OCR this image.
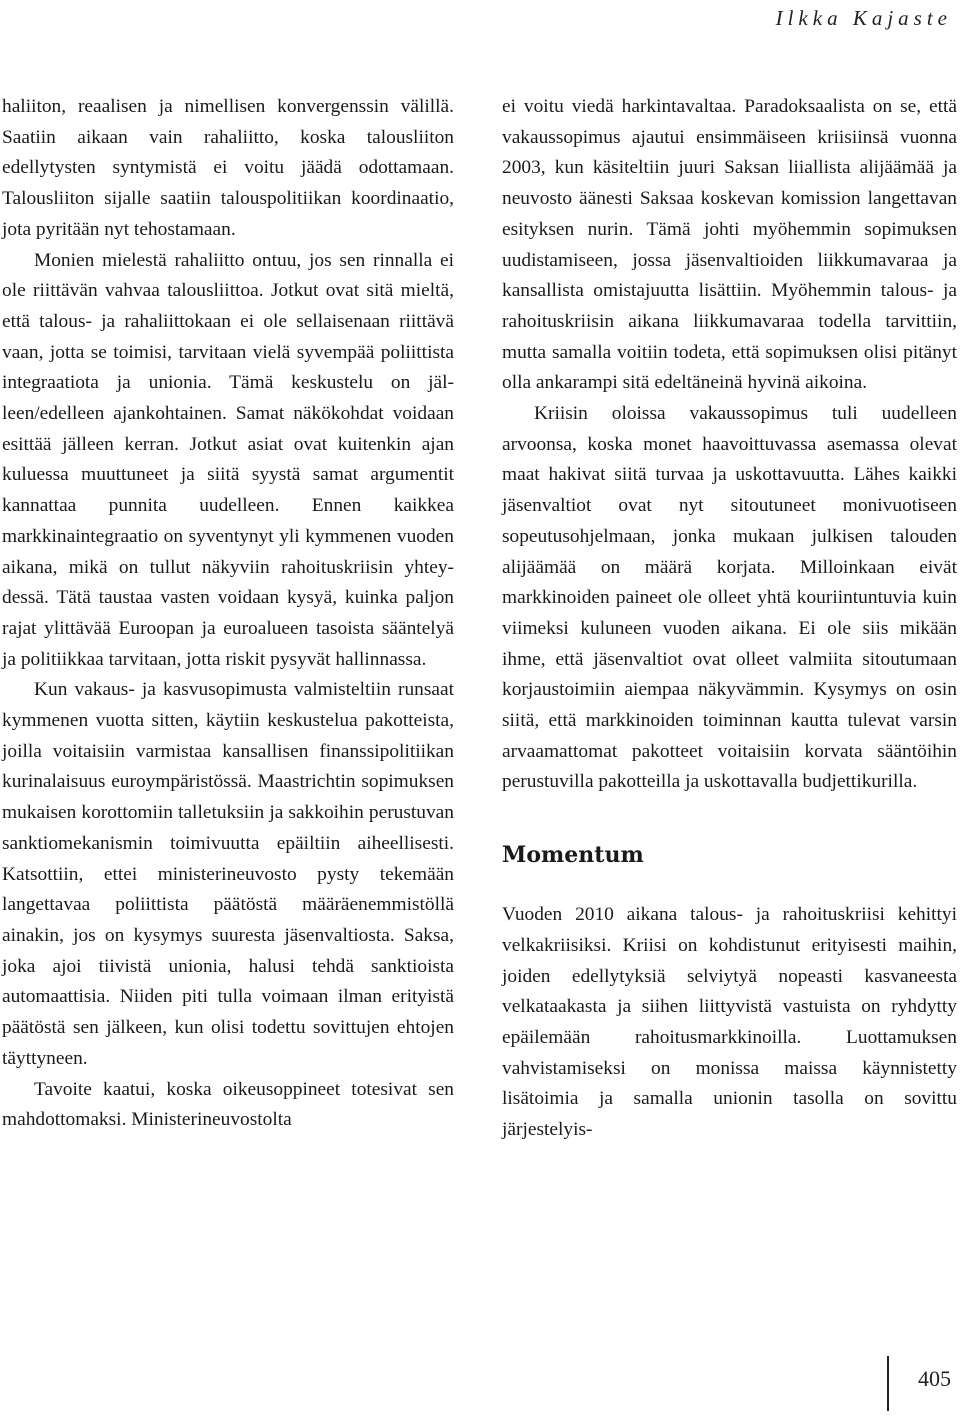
Ilkka Kajaste

haliiton, reaalisen ja nimellisen konvergenssin välillä. Saatiin aikaan vain rahaliitto, koska talousliiton edellytysten syntymistä ei voitu jäädä odottamaan. Talousliiton sijalle saatiin talouspolitiikan koordinaatio, jota pyritään nyt tehostamaan.

Monien mielestä rahaliitto ontuu, jos sen rinnalla ei ole riittävän vahvaa talousliittoa. Jotkut ovat sitä mieltä, että talous- ja rahaliittokaan ei ole sellaisenaan riittävä vaan, jotta se toimisi, tarvitaan vielä syvempää poliittista integraatiota ja unionia. Tämä keskustelu on jälleen/edelleen ajankohtainen. Samat näkökohdat voidaan esittää jälleen kerran. Jotkut asiat ovat kuitenkin ajan kuluessa muuttuneet ja siitä syystä samat argumentit kannattaa punnita uudelleen. Ennen kaikkea markkinaintegraatio on syventynyt yli kymmenen vuoden aikana, mikä on tullut näkyviin rahoituskriisin yhteydessä. Tätä taustaa vasten voidaan kysyä, kuinka paljon rajat ylittävää Euroopan ja euroalueen tasoista sääntelyä ja politiikkaa tarvitaan, jotta riskit pysyvät hallinnassa.

Kun vakaus- ja kasvusopimusta valmisteltiin runsaat kymmenen vuotta sitten, käytiin keskustelua pakotteista, joilla voitaisiin varmistaa kansallisen finanssipolitiikan kurinalaisuus euroympäristössä. Maastrichtin sopimuksen mukaisen korottomiin talletuksiin ja sakkoihin perustuvan sanktiomekanismin toimivuutta epäiltiin aiheellisesti. Katsottiin, ettei ministerineuvosto pysty tekemään langettavaa poliittista päätöstä määräenemmistöllä ainakin, jos on kysymys suuresta jäsenvaltiosta. Saksa, joka ajoi tiivistä unionia, halusi tehdä sanktioista automaattisia. Niiden piti tulla voimaan ilman erityistä päätöstä sen jälkeen, kun olisi todettu sovittujen ehtojen täyttyneen.

Tavoite kaatui, koska oikeusoppineet totesivat sen mahdottomaksi. Ministerineuvostolta

ei voitu viedä harkintavaltaa. Paradoksaalista on se, että vakaussopimus ajautui ensimmäiseen kriisiinsä vuonna 2003, kun käsiteltiin juuri Saksan liiallista alijäämää ja neuvosto äänesti Saksaa koskevan komission langettavan esityksen nurin. Tämä johti myöhemmin sopimuksen uudistamiseen, jossa jäsenvaltioiden liikkumavaraa ja kansallista omistajuutta lisättiin. Myöhemmin talous- ja rahoituskriisin aikana liikkumavaraa todella tarvittiin, mutta samalla voitiin todeta, että sopimuksen olisi pitänyt olla ankarampi sitä edeltäneinä hyvinä aikoina.

Kriisin oloissa vakaussopimus tuli uudelleen arvoonsa, koska monet haavoittuvassa asemassa olevat maat hakivat siitä turvaa ja uskottavuutta. Lähes kaikki jäsenvaltiot ovat nyt sitoutuneet monivuotiseen sopeutusohjelmaan, jonka mukaan julkisen talouden alijäämää on määrä korjata. Milloinkaan eivät markkinoiden paineet ole olleet yhtä kouriintuntuvia kuin viimeksi kuluneen vuoden aikana. Ei ole siis mikään ihme, että jäsenvaltiot ovat olleet valmiita sitoutumaan korjaustoimiin aiempaa näkyvämmin. Kysymys on osin siitä, että markkinoiden toiminnan kautta tulevat varsin arvaamattomat pakotteet voitaisiin korvata sääntöihin perustuvilla pakotteilla ja uskottavalla budjettikurilla.

Momentum

Vuoden 2010 aikana talous- ja rahoituskriisi kehittyi velkakriisiksi. Kriisi on kohdistunut erityisesti maihin, joiden edellytyksiä selviytyä nopeasti kasvaneesta velkataakasta ja siihen liittyvistä vastuista on ryhdytty epäilemään rahoitusmarkkinoilla. Luottamuksen vahvistamiseksi on monissa maissa käynnistetty lisätoimia ja samalla unionin tasolla on sovittu järjestelyis-

405
